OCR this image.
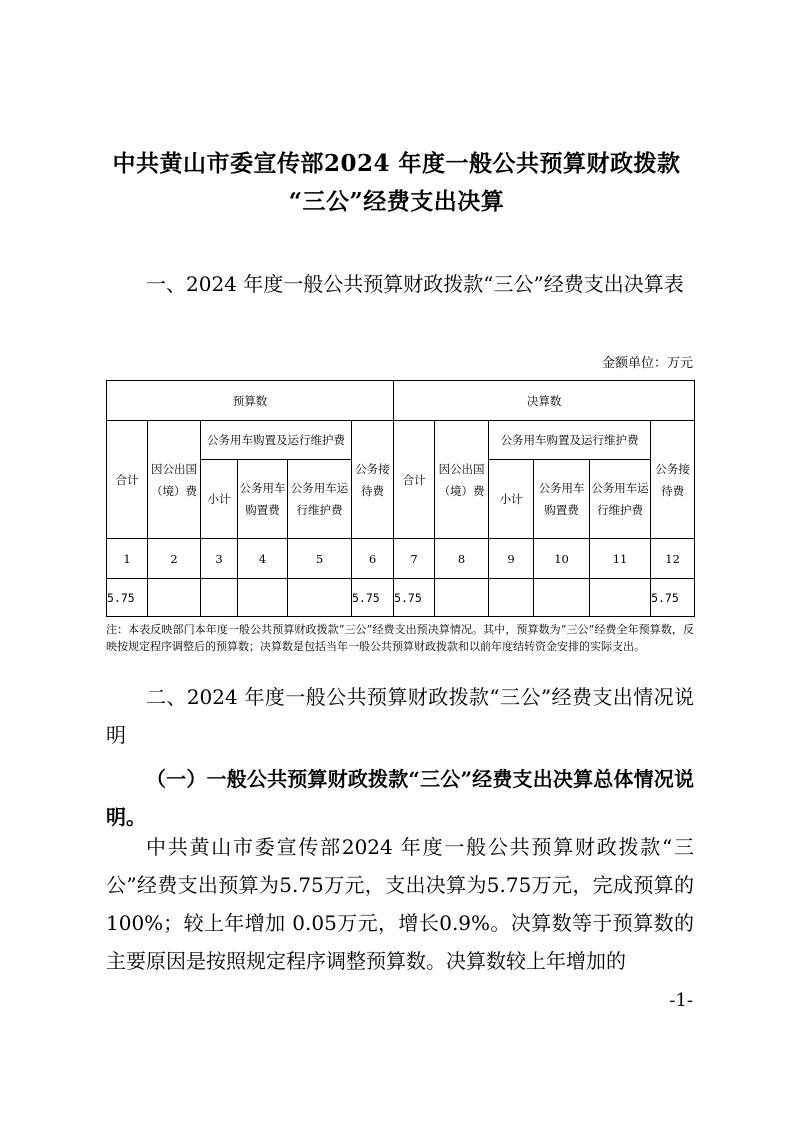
中共黄山市委宣传部2024 年度一般公共预算财政拨款
“三公”经费支出决算
一、2024 年度一般公共预算财政拨款“三公”经费支出决算表
金额单位：万元
预算数						决算数					
合计	因公出国（境）费	公务用车购置及运行维护费			公务接待费	合计	因公出国（境）费	公务用车购置及运行维护费			公务接待费
		小计	公务用车购置费	公务用车运行维护费				小计	公务用车购置费	公务用车运行维护费	
1	2	3	4	5	6	7	8	9	10	11	12
5.75					5.75	5.75					5.75
注：本表反映部门本年度一般公共预算财政拨款“三公”经费支出预决算情况。其中，预算数为“三公”经费全年预算数，反映按规定程序调整后的预算数；决算数是包括当年一般公共预算财政拨款和以前年度结转资金安排的实际支出。
二、2024 年度一般公共预算财政拨款“三公”经费支出情况说明
（一）一般公共预算财政拨款“三公”经费支出决算总体情况说明。
中共黄山市委宣传部2024 年度一般公共预算财政拨款“三公”经费支出预算为5.75万元，支出决算为5.75万元，完成预算的100%；较上年增加 0.05万元，增长0.9%。决算数等于预算数的主要原因是按照规定程序调整预算数。决算数较上年增加的
-1-
